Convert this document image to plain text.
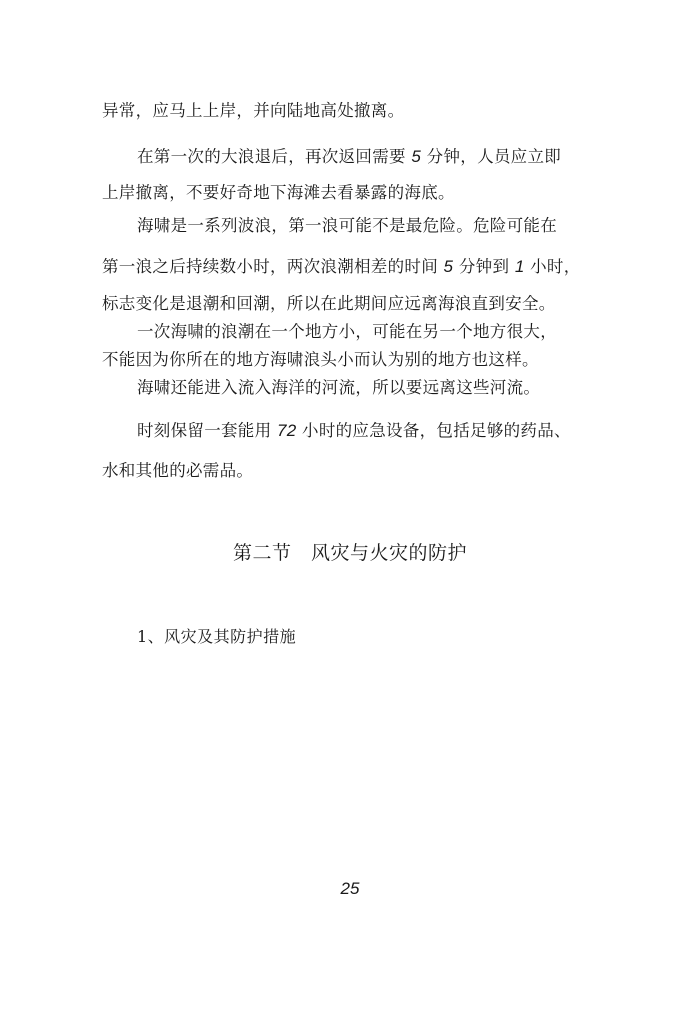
异常，应马上上岸，并向陆地高处撤离。
在第一次的大浪退后，再次返回需要 5 分钟，人员应立即
上岸撤离，不要好奇地下海滩去看暴露的海底。
海啸是一系列波浪，第一浪可能不是最危险。危险可能在
第一浪之后持续数小时，两次浪潮相差的时间 5 分钟到 1 小时，
标志变化是退潮和回潮，所以在此期间应远离海浪直到安全。
一次海啸的浪潮在一个地方小，可能在另一个地方很大，
不能因为你所在的地方海啸浪头小而认为别的地方也这样。
海啸还能进入流入海洋的河流，所以要远离这些河流。
时刻保留一套能用 72 小时的应急设备，包括足够的药品、
水和其他的必需品。
第二节　风灾与火灾的防护
1、风灾及其防护措施
25
